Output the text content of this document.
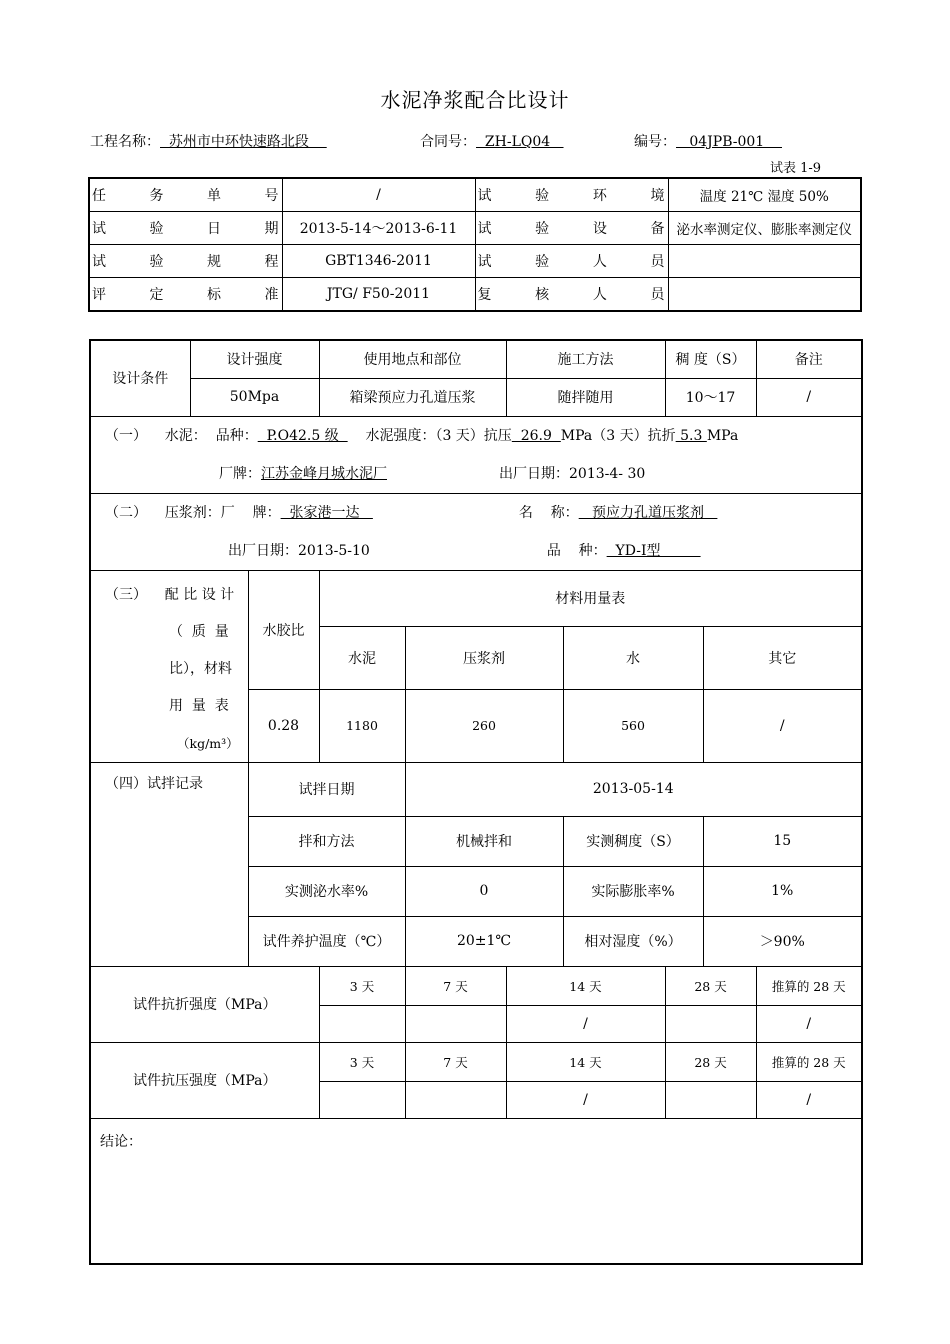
水泥净浆配合比设计
工程名称：  苏州市中环快速路北段	合同号：  ZH-LQ04	编号：   04JPB-001
试表 1-9
任 务 单 号	/	试 验 环 境	温度 21℃ 湿度 50%

试 验 日 期	2013-5-14～2013-6-11	试 验 设 备	泌水率测定仪、膨胀率测定仪

试 验 规 程	GBT1346-2011	试 验 人 员	

评 定 标 准	JTG/ F50-2011	复 核 人 员	

设计条件	设计强度		使用地点和部位		施工方法		稠 度（S）		备注
	50Mpa		箱梁预应力孔道压浆		随拌随用		10～17		/

（一）    水泥：  品种：  P.O42.5 级      水泥强度：（3 天）抗压  26.9  MPa（3 天）抗折 5.3 MPa
厂牌：江苏金峰月城水泥厂 出厂日期：2013-4- 30									

（二）    压浆剂：厂    牌：  张家港一达 名    称：   预应力孔道压浆剂
出厂日期：2013-5-10 品    种：  YD-Ⅰ型									

（三）    配 比 设 计
（  质  量
比），材料
用  量  表
（kg/m³）		水胶比	材料用量表						
			水泥	压浆剂		水		其它	
		0.28	1180	260		560		/	

（四）试拌记录		试拌日期		2013-05-14					
		拌和方法		机械拌和		实测稠度（S）		15	
		实测泌水率%		0		实际膨胀率%		1%	
		试件养护温度（℃）		20±1℃		相对湿度（%）		＞90%	
试件抗折强度（MPa）			3 天	7 天	14 天		28 天		推算的 28 天
					/				/
试件抗压强度（MPa）			3 天	7 天	14 天		28 天		推算的 28 天
					/				/

结论：									
